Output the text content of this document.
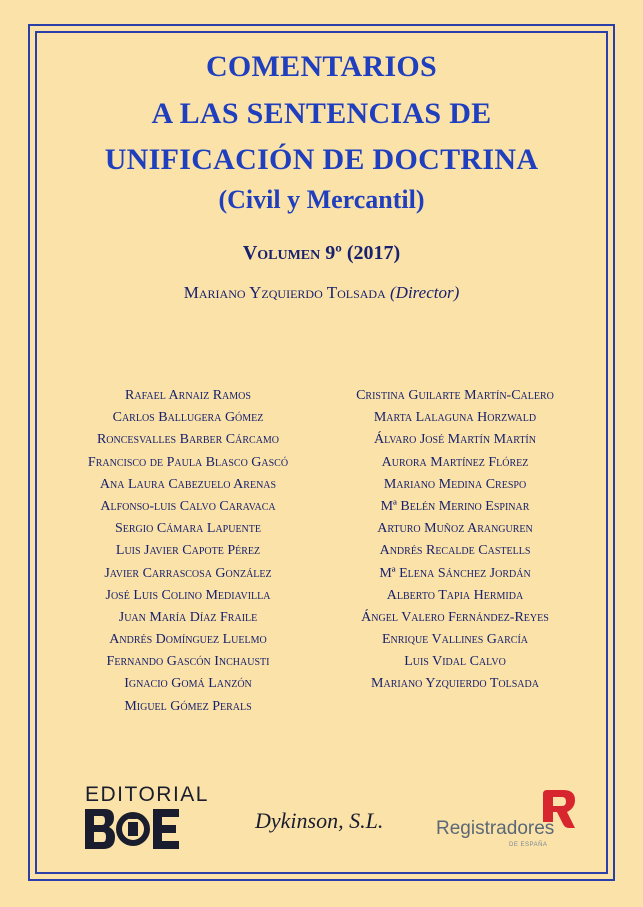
COMENTARIOS
A LAS SENTENCIAS DE
UNIFICACIÓN DE DOCTRINA
(Civil y Mercantil)
Volumen 9º (2017)
Mariano Yzquierdo Tolsada (Director)
Rafael Arnaiz Ramos
Carlos Ballugera Gómez
Roncesvalles Barber Cárcamo
Francisco de Paula Blasco Gascó
Ana Laura Cabezuelo Arenas
Alfonso-luis Calvo Caravaca
Sergio Cámara Lapuente
Luis Javier Capote Pérez
Javier Carrascosa González
José Luis Colino Mediavilla
Juan María Díaz Fraile
Andrés Domínguez Luelmo
Fernando Gascón Inchausti
Ignacio Gomá Lanzón
Miguel Gómez Perals
Cristina Guilarte Martín-Calero
Marta Lalaguna Horzwald
Álvaro José Martín Martín
Aurora Martínez Flórez
Mariano Medina Crespo
Mª Belén Merino Espinar
Arturo Muñoz Aranguren
Andrés Recalde Castells
Mª Elena Sánchez Jordán
Alberto Tapia Hermida
Ángel Valero Fernández-Reyes
Enrique Vallines García
Luis Vidal Calvo
Mariano Yzquierdo Tolsada
EDITORIAL
Dykinson, S.L.	Registradores
DE ESPAÑA
